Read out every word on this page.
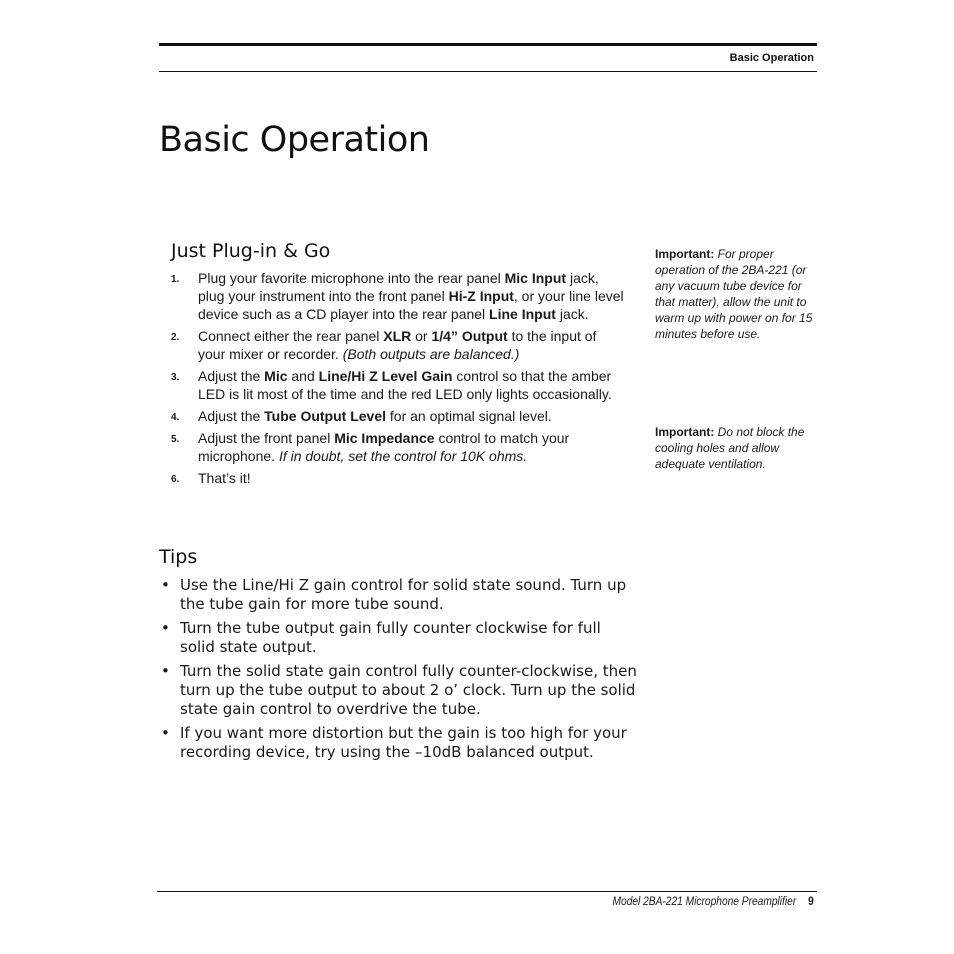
Basic Operation
Basic Operation
Just Plug-in & Go
1. Plug your favorite microphone into the rear panel Mic Input jack, plug your instrument into the front panel Hi-Z Input, or your line level device such as a CD player into the rear panel Line Input jack.
2. Connect either the rear panel XLR or 1/4” Output to the input of your mixer or recorder. (Both outputs are balanced.)
3. Adjust the Mic and Line/Hi Z Level Gain control so that the amber LED is lit most of the time and the red LED only lights occasionally.
4. Adjust the Tube Output Level for an optimal signal level.
5. Adjust the front panel Mic Impedance control to match your microphone. If in doubt, set the control for 10K ohms.
6. That’s it!
Tips
• Use the Line/Hi Z gain control for solid state sound. Turn up the tube gain for more tube sound.
• Turn the tube output gain fully counter clockwise for full solid state output.
• Turn the solid state gain control fully counter-clockwise, then turn up the tube output to about 2 o’ clock. Turn up the solid state gain control to overdrive the tube.
• If you want more distortion but the gain is too high for your recording device, try using the –10dB balanced output.
Important: For proper operation of the 2BA-221 (or any vacuum tube device for that matter), allow the unit to warm up with power on for 15 minutes before use.
Important: Do not block the cooling holes and allow adequate ventilation.
Model 2BA-221 Microphone Preamplifier 9
